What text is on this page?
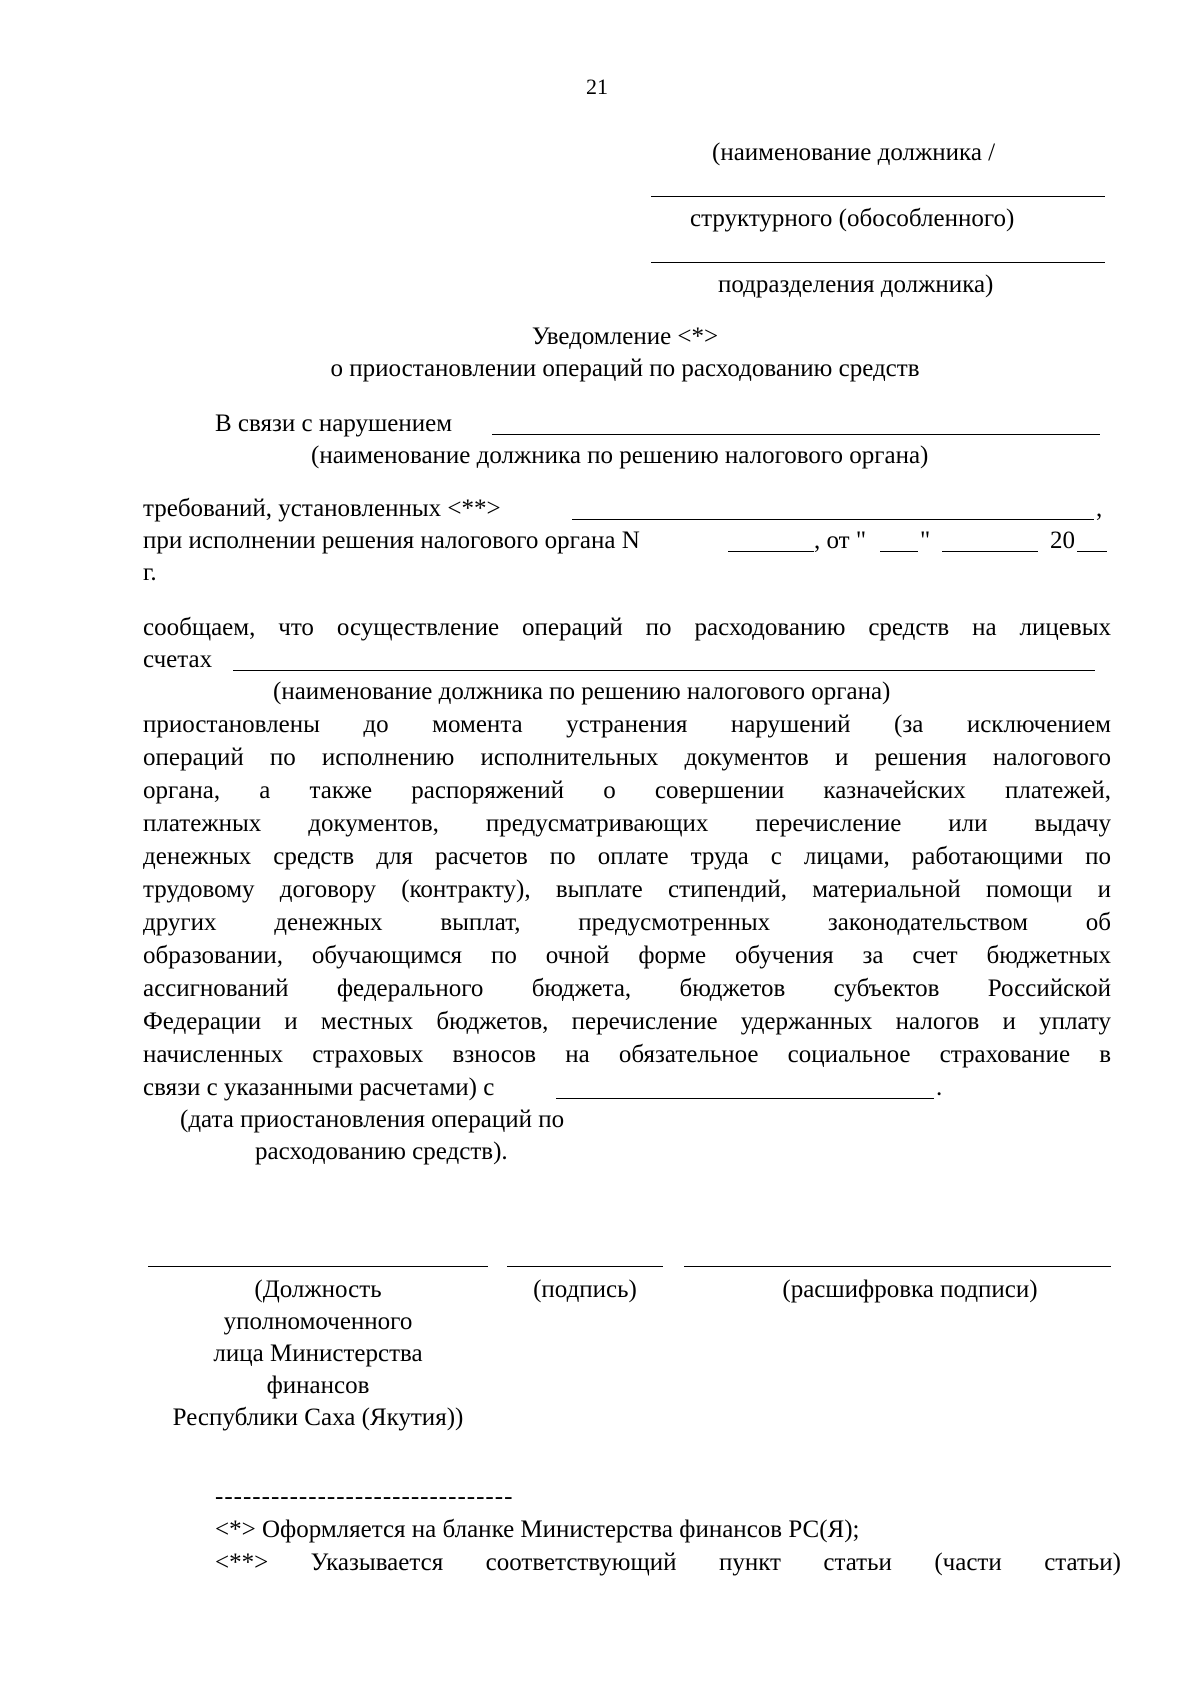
21
(наименование должника /
структурного (обособленного)
подразделения должника)
Уведомление <*>
о приостановлении операций по расходованию средств
В связи с нарушением
(наименование должника по решению налогового органа)
требований, установленных <**>	,
при исполнении решения налогового органа N	, от " "	20
г.
сообщаем, что осуществление операций по расходованию средств на лицевых
счетах
(наименование должника по решению налогового органа)
приостановлены до момента устранения нарушений (за исключением
операций по исполнению исполнительных документов и решения налогового
органа, а также распоряжений о совершении казначейских платежей,
платежных документов, предусматривающих перечисление или выдачу
денежных средств для расчетов по оплате труда с лицами, работающими по
трудовому договору (контракту), выплате стипендий, материальной помощи и
других денежных выплат, предусмотренных законодательством об
образовании, обучающимся по очной форме обучения за счет бюджетных
ассигнований федерального бюджета, бюджетов субъектов Российской
Федерации и местных бюджетов, перечисление удержанных налогов и уплату
начисленных страховых взносов на обязательное социальное страхование в
связи с указанными расчетами) с	.
(дата приостановления операций по
расходованию средств).
(Должность
уполномоченного
лица Министерства
финансов
Республики Саха (Якутия))
(подпись)	(расшифровка подписи)
--------------------------------
<*> Оформляется на бланке Министерства финансов РС(Я);
<**> Указывается соответствующий пункт статьи (части статьи)
